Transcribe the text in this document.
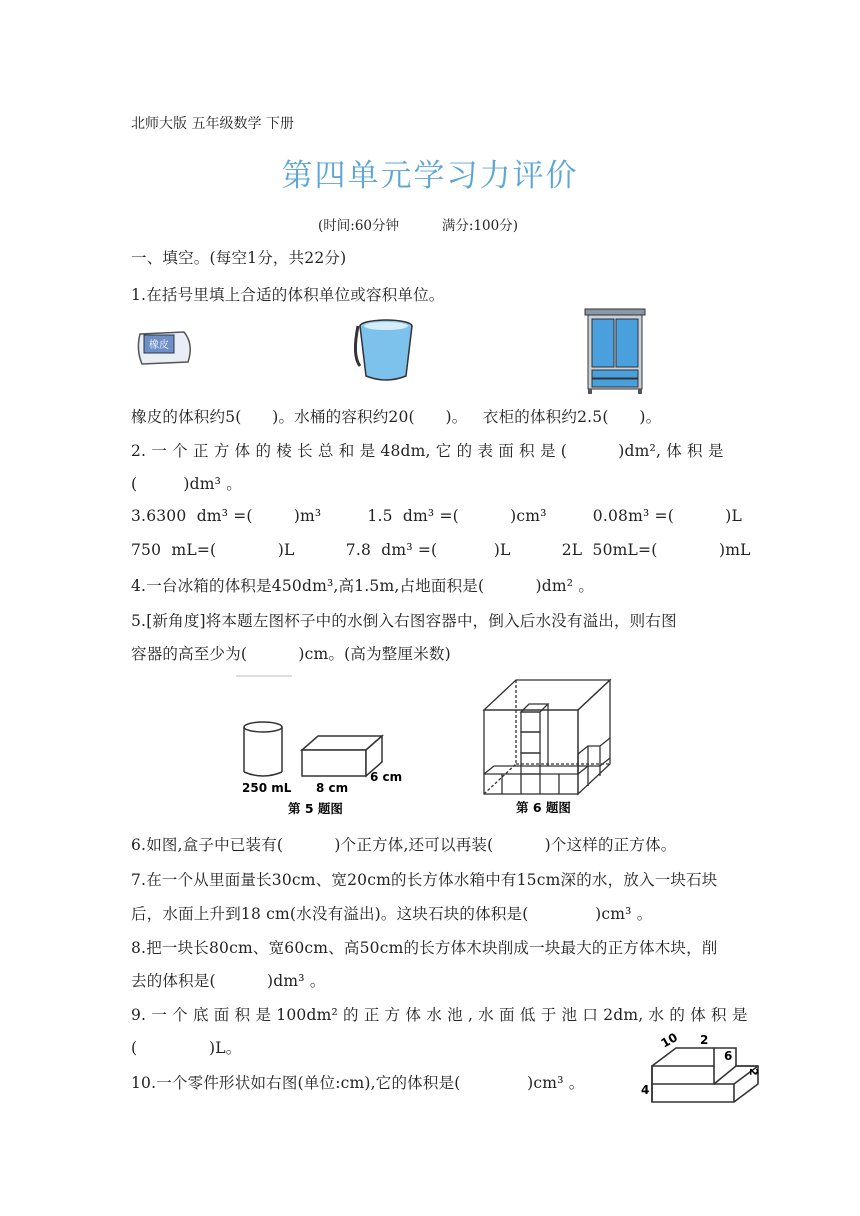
北师大版 五年级数学 下册
第四单元学习力评价
(时间:60分钟          满分:100分)
一、填空。(每空1分，共22分)
1.在括号里填上合适的体积单位或容积单位。
橡皮
橡皮的体积约5(      )。水桶的容积约20(      )。   衣柜的体积约2.5(      )。
2. 一 个 正 方 体 的 棱 长 总 和 是 48dm, 它 的 表 面 积 是 (          )dm², 体 积 是
(         )dm³ 。
3.6300  dm³ =(        )m³         1.5  dm³ =(          )cm³         0.08m³ =(          )L
750  mL=(            )L          7.8  dm³ =(           )L          2L  50mL=(            )mL
4.一台冰箱的体积是450dm³,高1.5m,占地面积是(          )dm² 。
5.[新角度]将本题左图杯子中的水倒入右图容器中，倒入后水没有溢出，则右图
容器的高至少为(          )cm。(高为整厘米数)
250 mL 8 cm
6 cm
第 5 题图	第 6 题图
6.如图,盒子中已装有(          )个正方体,还可以再装(          )个这样的正方体。
7.在一个从里面量长30cm、宽20cm的长方体水箱中有15cm深的水，放入一块石块
后，水面上升到18 cm(水没有溢出)。这块石块的体积是(             )cm³ 。
8.把一块长80cm、宽60cm、高50cm的长方体木块削成一块最大的正方体木块，削
去的体积是(          )dm³ 。
9. 一 个 底 面 积 是 100dm² 的 正 方 体 水 池 , 水 面 低 于 池 口 2dm, 水 的 体 积 是
(              )L。
10.一个零件形状如右图(单位:cm),它的体积是(             )cm³ 。
10 2
6
2
4
